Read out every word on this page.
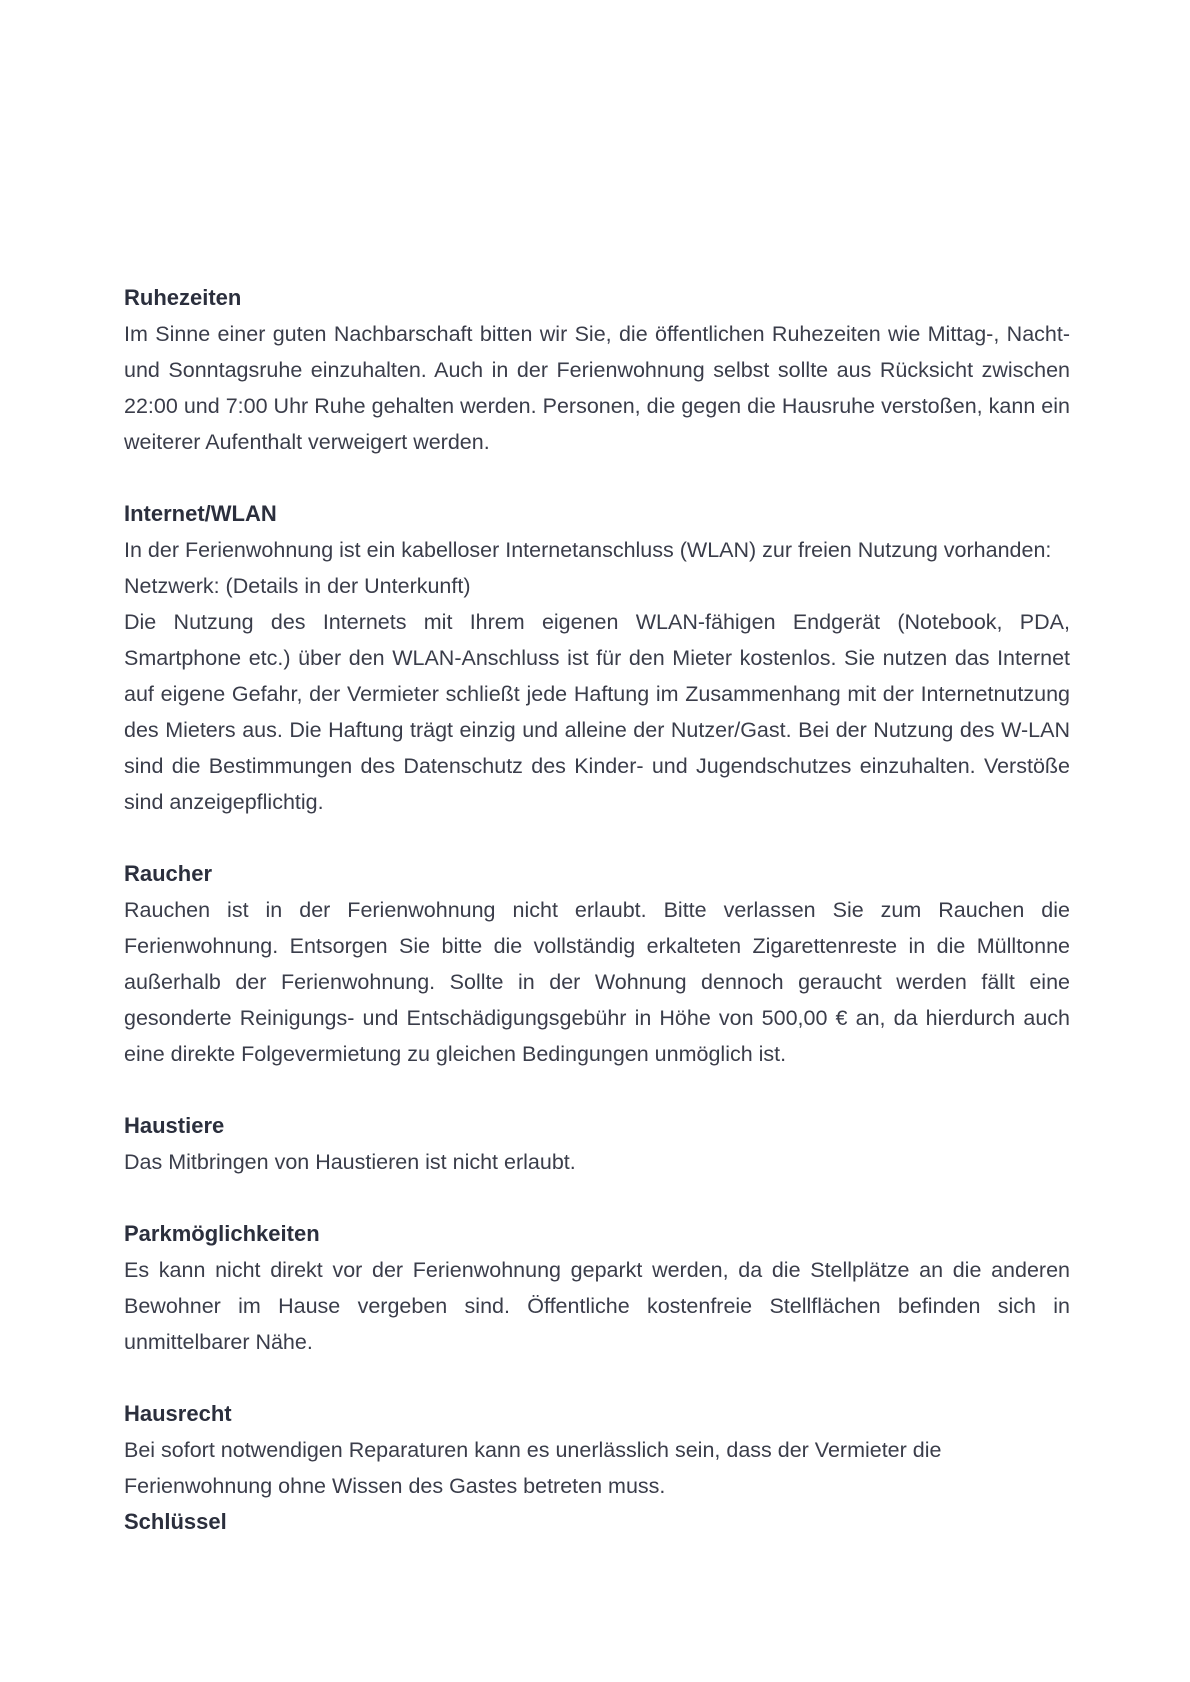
Ruhezeiten

Im Sinne einer guten Nachbarschaft bitten wir Sie, die öffentlichen Ruhezeiten wie Mittag-, Nacht- und Sonntagsruhe einzuhalten. Auch in der Ferienwohnung selbst sollte aus Rücksicht zwischen 22:00 und 7:00 Uhr Ruhe gehalten werden. Personen, die gegen die Hausruhe verstoßen, kann ein weiterer Aufenthalt verweigert werden.

Internet/WLAN

In der Ferienwohnung ist ein kabelloser Internetanschluss (WLAN) zur freien Nutzung vorhanden:

Netzwerk: (Details in der Unterkunft)

Die Nutzung des Internets mit Ihrem eigenen WLAN-fähigen Endgerät (Notebook, PDA, Smartphone etc.) über den WLAN-Anschluss ist für den Mieter kostenlos. Sie nutzen das Internet auf eigene Gefahr, der Vermieter schließt jede Haftung im Zusammenhang mit der Internetnutzung des Mieters aus. Die Haftung trägt einzig und alleine der Nutzer/Gast. Bei der Nutzung des W-LAN sind die Bestimmungen des Datenschutz des Kinder- und Jugendschutzes einzuhalten. Verstöße sind anzeigepflichtig.

Raucher

Rauchen ist in der Ferienwohnung nicht erlaubt. Bitte verlassen Sie zum Rauchen die Ferienwohnung. Entsorgen Sie bitte die vollständig erkalteten Zigarettenreste in die Mülltonne außerhalb der Ferienwohnung. Sollte in der Wohnung dennoch geraucht werden fällt eine gesonderte Reinigungs- und Entschädigungsgebühr in Höhe von 500,00 € an, da hierdurch auch eine direkte Folgevermietung zu gleichen Bedingungen unmöglich ist.

Haustiere

Das Mitbringen von Haustieren ist nicht erlaubt.

Parkmöglichkeiten

Es kann nicht direkt vor der Ferienwohnung geparkt werden, da die Stellplätze an die anderen Bewohner im Hause vergeben sind. Öffentliche kostenfreie Stellflächen befinden sich in unmittelbarer Nähe.

Hausrecht

Bei sofort notwendigen Reparaturen kann es unerlässlich sein, dass der Vermieter die Ferienwohnung ohne Wissen des Gastes betreten muss.

Schlüssel
